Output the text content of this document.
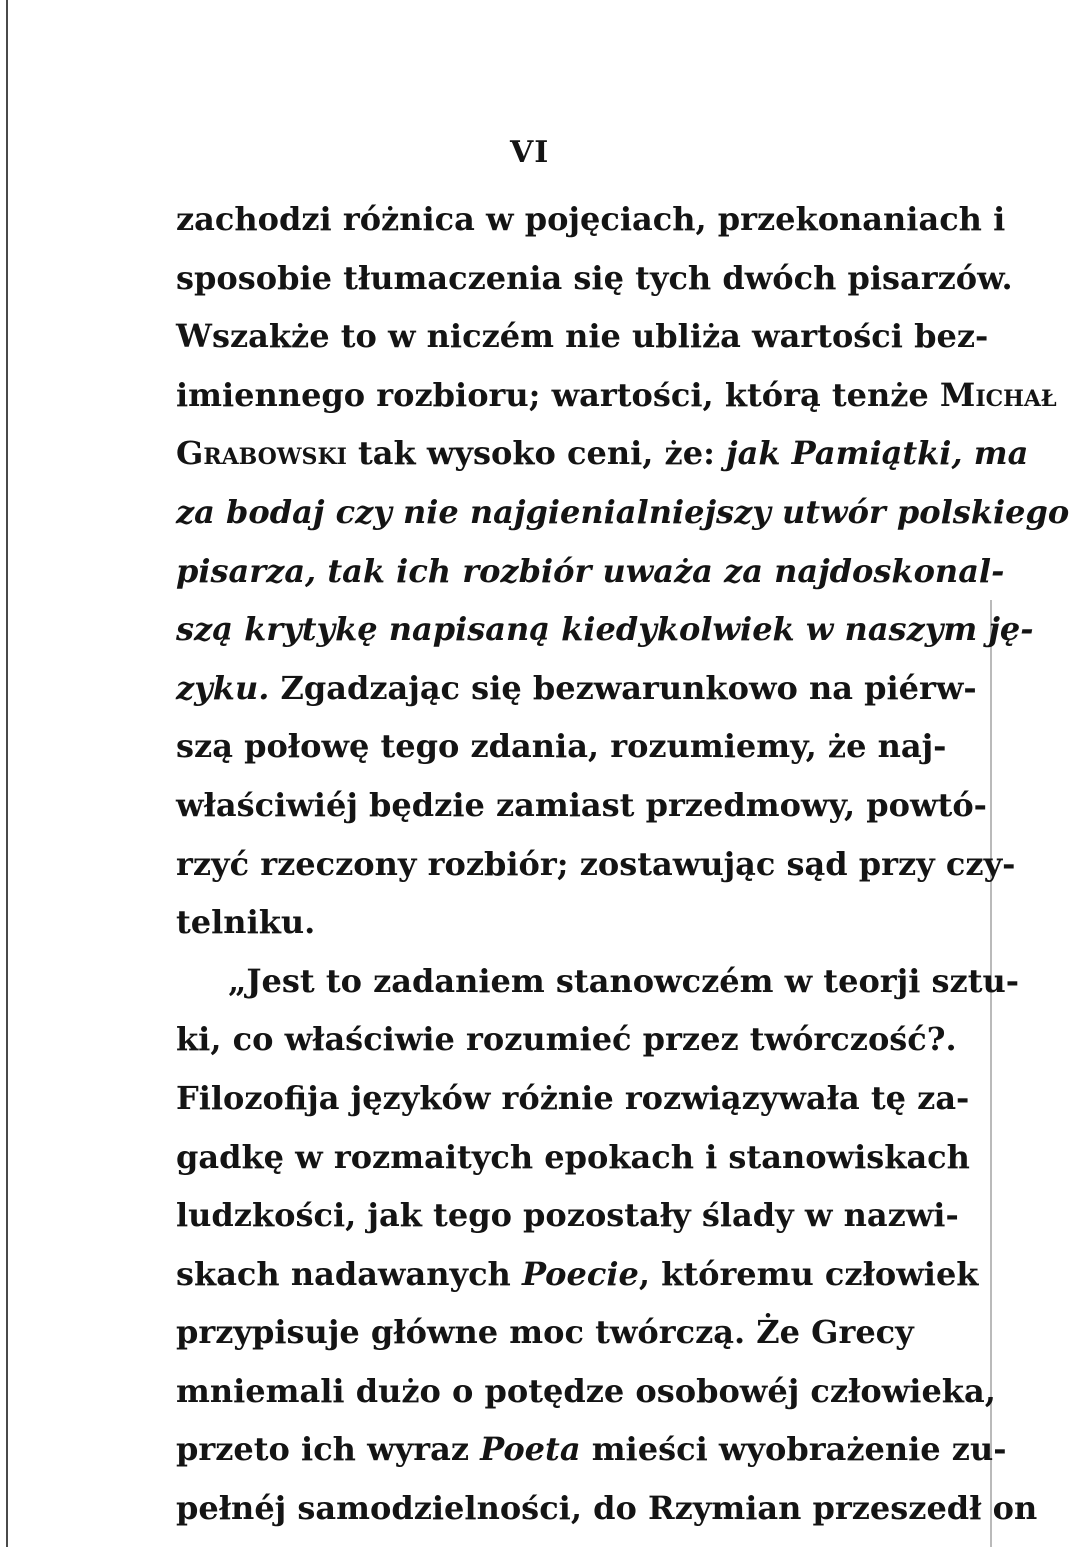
VI
zachodzi różnica w pojęciach, przekonaniach i
sposobie tłumaczenia się tych dwóch pisarzów.
Wszakże to w niczém nie ubliża wartości bez-
imiennego rozbioru; wartości, którą tenże Michał
Grabowski tak wysoko ceni, że: jak Pamiątki, ma
za bodaj czy nie najgienialniejszy utwór polskiego
pisarza, tak ich rozbiór uważa za najdoskonal-
szą krytykę napisaną kiedykolwiek w naszym ję-
zyku. Zgadzając się bezwarunkowo na piérw-
szą połowę tego zdania, rozumiemy, że naj-
właściwiéj będzie zamiast przedmowy, powtó-
rzyć rzeczony rozbiór; zostawując sąd przy czy-
telniku.
„Jest to zadaniem stanowczém w teorji sztu-
ki, co właściwie rozumieć przez twórczość?.
Filozofija języków różnie rozwiązywała tę za-
gadkę w rozmaitych epokach i stanowiskach
ludzkości, jak tego pozostały ślady w nazwi-
skach nadawanych Poecie, któremu człowiek
przypisuje główne moc twórczą. Że Grecy
mniemali dużo o potędze osobowéj człowieka,
przeto ich wyraz Poeta mieści wyobrażenie zu-
pełnéj samodzielności, do Rzymian przeszedł on
